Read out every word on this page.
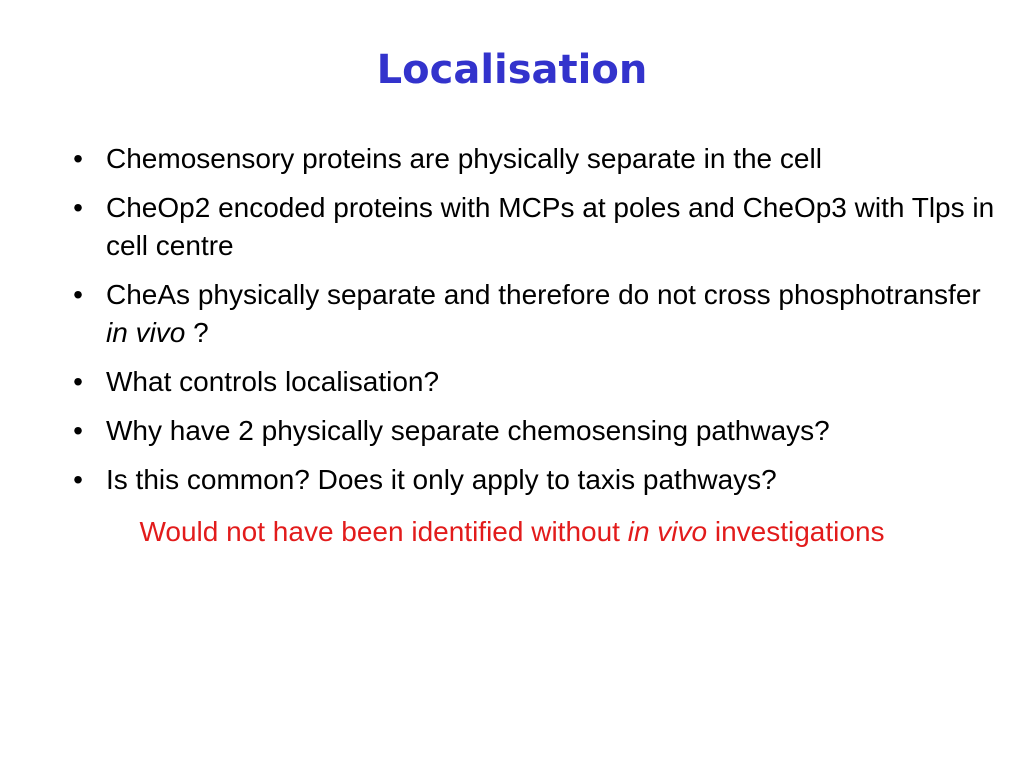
Localisation
• Chemosensory proteins are physically separate in the cell
• CheOp2 encoded proteins with MCPs at poles and CheOp3 with Tlps in cell centre
• CheAs physically separate and therefore do not cross phosphotransfer in vivo ?
• What controls localisation?
• Why have 2 physically separate chemosensing pathways?
• Is this common? Does it only apply to taxis pathways?

Would not have been identified without in vivo investigations
